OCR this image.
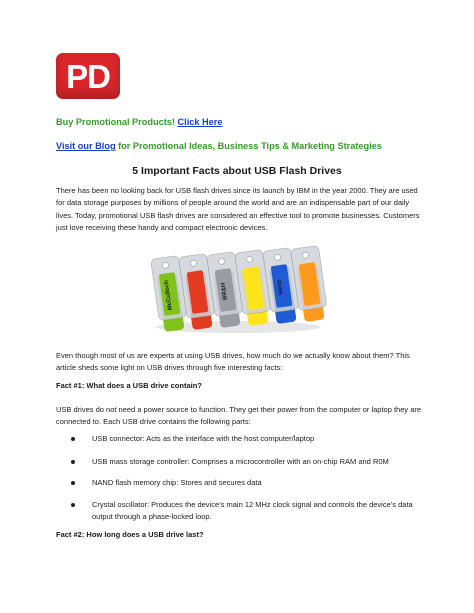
PD
Buy Promotional Products! Click Here
Visit our Blog for Promotional Ideas, Business Tips & Marketing Strategies
5 Important Facts about USB Flash Drives
There has been no looking back for USB flash drives since its launch by IBM in the year 2000. They are used for data storage purposes by millions of people around the world and are an indispensable part of our daily lives. Today, promotional USB flash drives are considered an effective tool to promote businesses. Customers just love receiving these handy and compact electronic devices.
McCulloch	BR&H	Hertz
Even though most of us are experts at using USB drives, how much do we actually know about them? This article sheds some light on USB drives through five interesting facts:
Fact #1: What does a USB drive contain?
USB drives do not need a power source to function. They get their power from the computer or laptop they are connected to. Each USB drive contains the following parts:
USB connector: Acts as the interface with the host computer/laptop
USB mass storage controller: Comprises a microcontroller with an on-chip RAM and R0M
NAND flash memory chip: Stores and secures data
Crystal oscillator: Produces the device’s main 12 MHz clock signal and controls the device’s data output through a phase-locked loop.
Fact #2: How long does a USB drive last?
